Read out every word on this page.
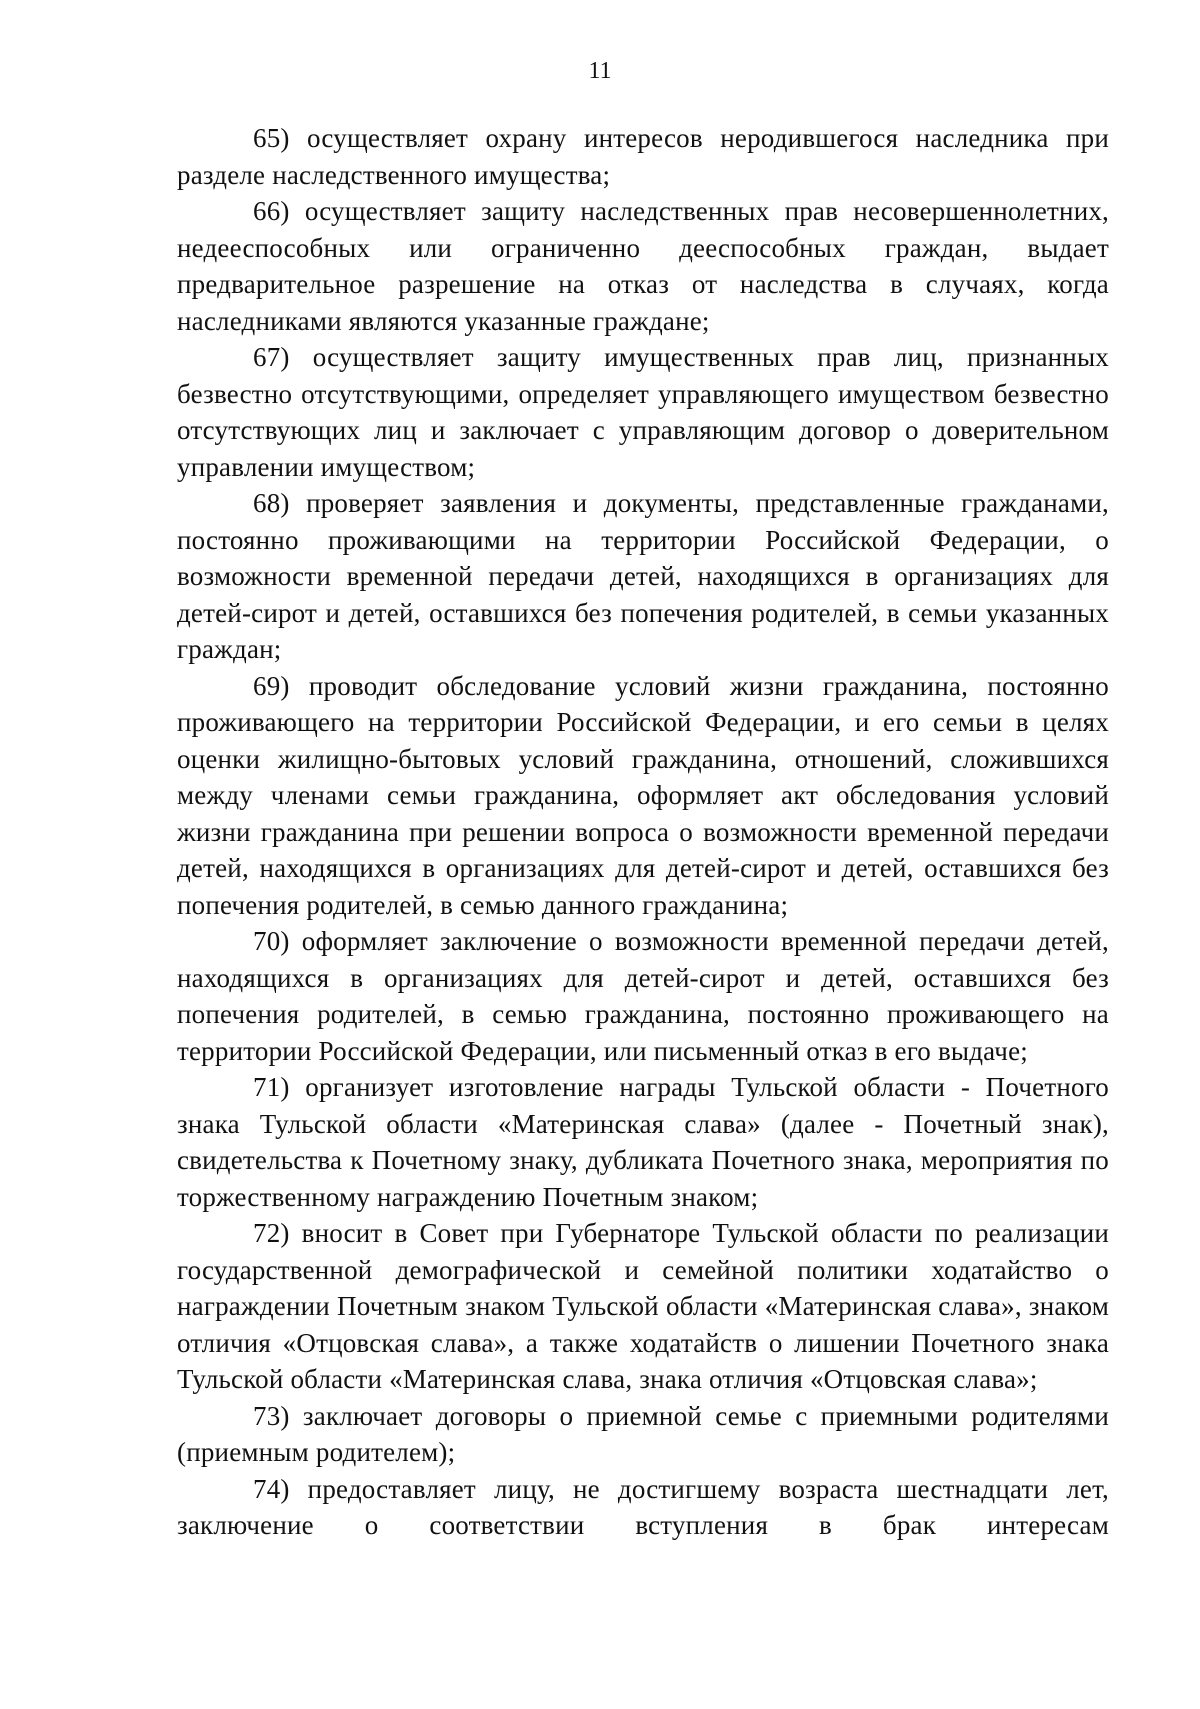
11

65) осуществляет охрану интересов неродившегося наследника при разделе наследственного имущества;

66) осуществляет защиту наследственных прав несовершеннолетних, недееспособных или ограниченно дееспособных граждан, выдает предварительное разрешение на отказ от наследства в случаях, когда наследниками являются указанные граждане;

67) осуществляет защиту имущественных прав лиц, признанных безвестно отсутствующими, определяет управляющего имуществом безвестно отсутствующих лиц и заключает с управляющим договор о доверительном управлении имуществом;

68) проверяет заявления и документы, представленные гражданами, постоянно проживающими на территории Российской Федерации, о возможности временной передачи детей, находящихся в организациях для детей-сирот и детей, оставшихся без попечения родителей, в семьи указанных граждан;

69) проводит обследование условий жизни гражданина, постоянно проживающего на территории Российской Федерации, и его семьи в целях оценки жилищно-бытовых условий гражданина, отношений, сложившихся между членами семьи гражданина, оформляет акт обследования условий жизни гражданина при решении вопроса о возможности временной передачи детей, находящихся в организациях для детей-сирот и детей, оставшихся без попечения родителей, в семью данного гражданина;

70) оформляет заключение о возможности временной передачи детей, находящихся в организациях для детей-сирот и детей, оставшихся без попечения родителей, в семью гражданина, постоянно проживающего на территории Российской Федерации, или письменный отказ в его выдаче;

71) организует изготовление награды Тульской области - Почетного знака Тульской области «Материнская слава» (далее - Почетный знак), свидетельства к Почетному знаку, дубликата Почетного знака, мероприятия по торжественному награждению Почетным знаком;

72) вносит в Совет при Губернаторе Тульской области по реализации государственной демографической и семейной политики ходатайство о награждении Почетным знаком Тульской области «Материнская слава», знаком отличия «Отцовская слава», а также ходатайств о лишении Почетного знака Тульской области «Материнская слава, знака отличия «Отцовская слава»;

73) заключает договоры о приемной семье с приемными родителями (приемным родителем);

74) предоставляет лицу, не достигшему возраста шестнадцати лет, заключение о соответствии вступления в брак интересам
